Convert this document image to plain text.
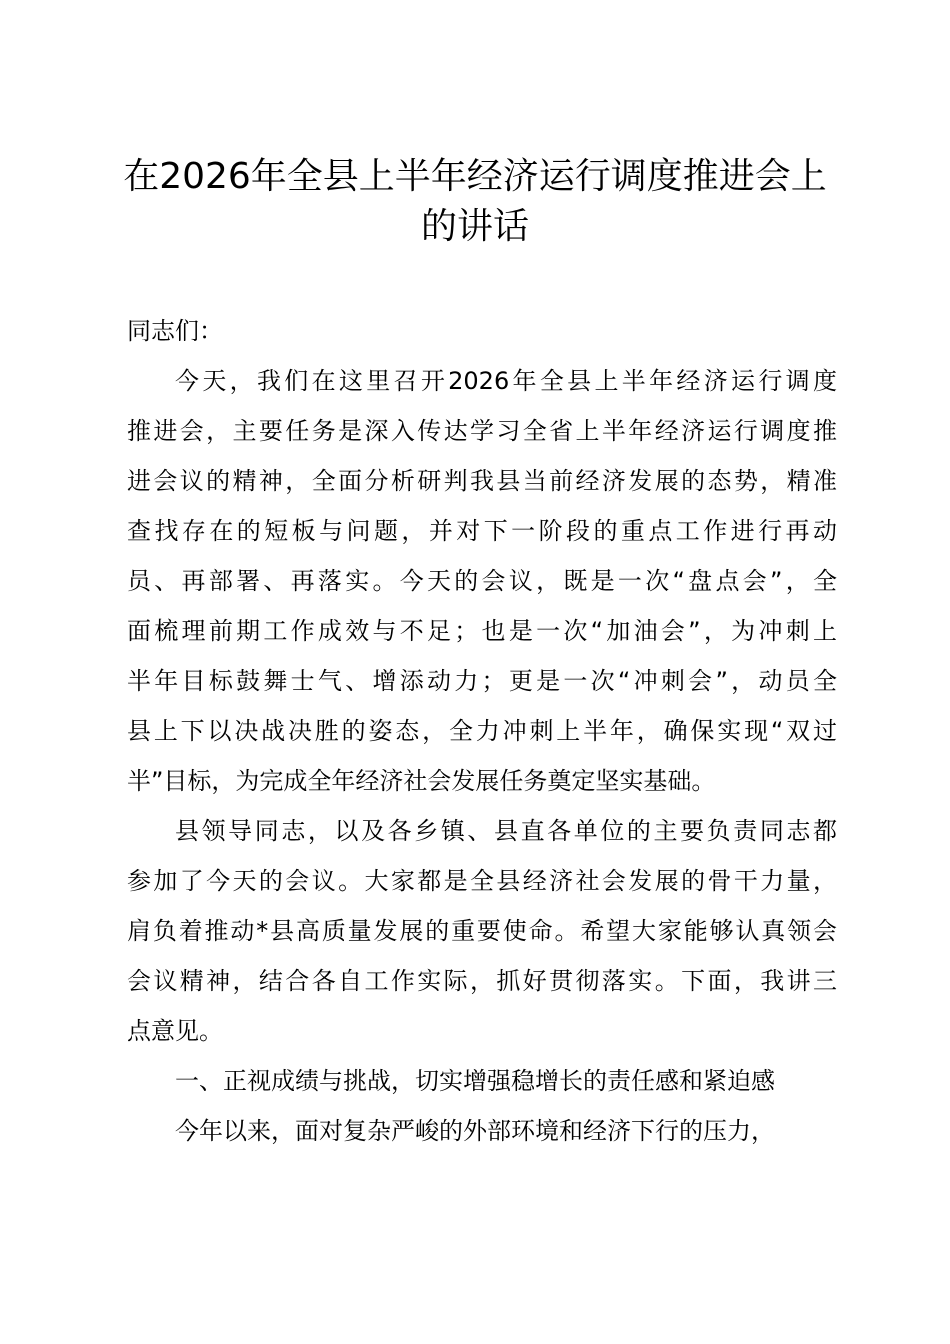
在2026年全县上半年经济运行调度推进会上
的讲话
同志们：
今天，我们在这里召开2026年全县上半年经济运行调度
推进会，主要任务是深入传达学习全省上半年经济运行调度推
进会议的精神，全面分析研判我县当前经济发展的态势，精准
查找存在的短板与问题，并对下一阶段的重点工作进行再动
员、再部署、再落实。今天的会议，既是一次“盘点会”，全
面梳理前期工作成效与不足；也是一次“加油会”，为冲刺上
半年目标鼓舞士气、增添动力；更是一次“冲刺会”，动员全
县上下以决战决胜的姿态，全力冲刺上半年，确保实现“双过
半”目标，为完成全年经济社会发展任务奠定坚实基础。
县领导同志，以及各乡镇、县直各单位的主要负责同志都
参加了今天的会议。大家都是全县经济社会发展的骨干力量，
肩负着推动*县高质量发展的重要使命。希望大家能够认真领会
会议精神，结合各自工作实际，抓好贯彻落实。下面，我讲三
点意见。
一、正视成绩与挑战，切实增强稳增长的责任感和紧迫感
今年以来，面对复杂严峻的外部环境和经济下行的压力，
